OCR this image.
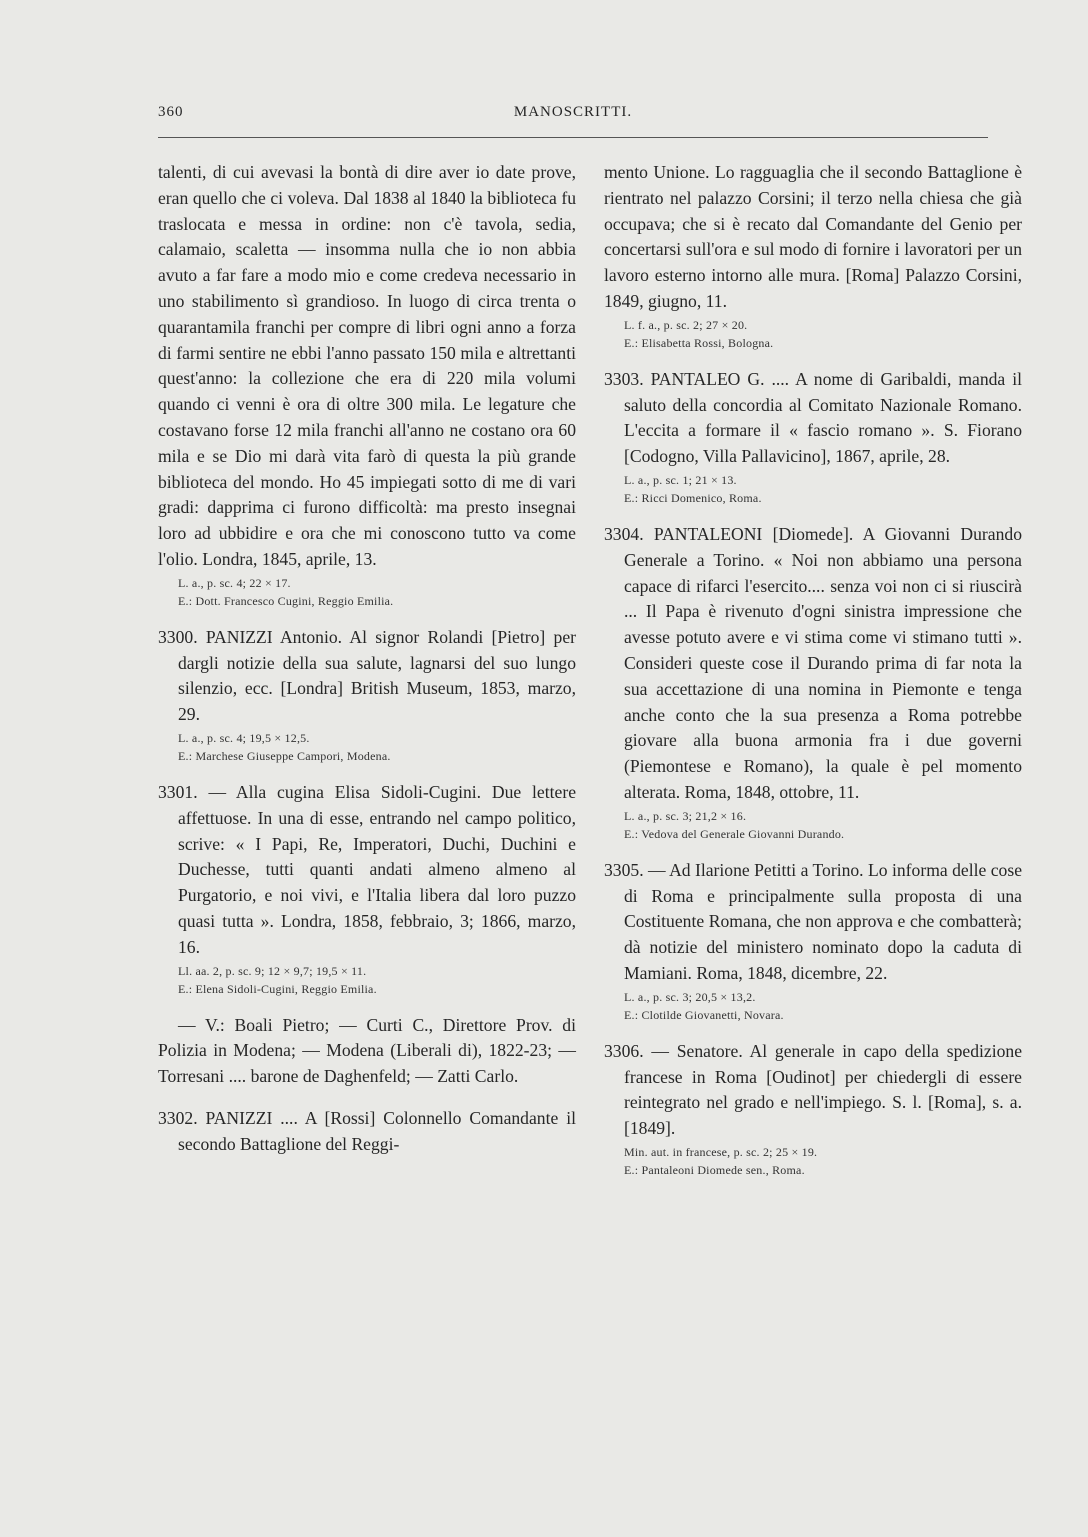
360	MANOSCRITTI.

talenti, di cui avevasi la bontà di dire aver io date prove, eran quello che ci voleva. Dal 1838 al 1840 la biblioteca fu traslocata e messa in ordine: non c'è tavola, sedia, calamaio, scaletta — insomma nulla che io non abbia avuto a far fare a modo mio e come credeva necessario in uno stabilimento sì grandioso. In luogo di circa trenta o quarantamila franchi per compre di libri ogni anno a forza di farmi sentire ne ebbi l'anno passato 150 mila e altrettanti quest'anno: la collezione che era di 220 mila volumi quando ci venni è ora di oltre 300 mila. Le legature che costavano forse 12 mila franchi all'anno ne costano ora 60 mila e se Dio mi darà vita farò di questa la più grande biblioteca del mondo. Ho 45 impiegati sotto di me di vari gradi: dapprima ci furono difficoltà: ma presto insegnai loro ad ubbidire e ora che mi conoscono tutto va come l'olio. Londra, 1845, aprile, 13.

L. a., p. sc. 4; 22 × 17.
E.: Dott. Francesco Cugini, Reggio Emilia.

3300. PANIZZI Antonio. Al signor Rolandi [Pietro] per dargli notizie della sua salute, lagnarsi del suo lungo silenzio, ecc. [Londra] British Museum, 1853, marzo, 29.

L. a., p. sc. 4; 19,5 × 12,5.
E.: Marchese Giuseppe Campori, Modena.

3301. — Alla cugina Elisa Sidoli-Cugini. Due lettere affettuose. In una di esse, entrando nel campo politico, scrive: « I Papi, Re, Imperatori, Duchi, Duchini e Duchesse, tutti quanti andati almeno almeno al Purgatorio, e noi vivi, e l'Italia libera dal loro puzzo quasi tutta ». Londra, 1858, febbraio, 3; 1866, marzo, 16.

Ll. aa. 2, p. sc. 9; 12 × 9,7; 19,5 × 11.
E.: Elena Sidoli-Cugini, Reggio Emilia.

— V.: Boali Pietro; — Curti C., Direttore Prov. di Polizia in Modena; — Modena (Liberali di), 1822-23; — Torresani .... barone de Daghenfeld; — Zatti Carlo.

3302. PANIZZI .... A [Rossi] Colonnello Comandante il secondo Battaglione del Reggi-

mento Unione. Lo ragguaglia che il secondo Battaglione è rientrato nel palazzo Corsini; il terzo nella chiesa che già occupava; che si è recato dal Comandante del Genio per concertarsi sull'ora e sul modo di fornire i lavoratori per un lavoro esterno intorno alle mura. [Roma] Palazzo Corsini, 1849, giugno, 11.

L. f. a., p. sc. 2; 27 × 20.
E.: Elisabetta Rossi, Bologna.

3303. PANTALEO G. .... A nome di Garibaldi, manda il saluto della concordia al Comitato Nazionale Romano. L'eccita a formare il « fascio romano ». S. Fiorano [Codogno, Villa Pallavicino], 1867, aprile, 28.

L. a., p. sc. 1; 21 × 13.
E.: Ricci Domenico, Roma.

3304. PANTALEONI [Diomede]. A Giovanni Durando Generale a Torino. « Noi non abbiamo una persona capace di rifarci l'esercito.... senza voi non ci si riuscirà ... Il Papa è rivenuto d'ogni sinistra impressione che avesse potuto avere e vi stima come vi stimano tutti ». Consideri queste cose il Durando prima di far nota la sua accettazione di una nomina in Piemonte e tenga anche conto che la sua presenza a Roma potrebbe giovare alla buona armonia fra i due governi (Piemontese e Romano), la quale è pel momento alterata. Roma, 1848, ottobre, 11.

L. a., p. sc. 3; 21,2 × 16.
E.: Vedova del Generale Giovanni Durando.

3305. — Ad Ilarione Petitti a Torino. Lo informa delle cose di Roma e principalmente sulla proposta di una Costituente Romana, che non approva e che combatterà; dà notizie del ministero nominato dopo la caduta di Mamiani. Roma, 1848, dicembre, 22.

L. a., p. sc. 3; 20,5 × 13,2.
E.: Clotilde Giovanetti, Novara.

3306. — Senatore. Al generale in capo della spedizione francese in Roma [Oudinot] per chiedergli di essere reintegrato nel grado e nell'impiego. S. l. [Roma], s. a. [1849].

Min. aut. in francese, p. sc. 2; 25 × 19.
E.: Pantaleoni Diomede sen., Roma.
